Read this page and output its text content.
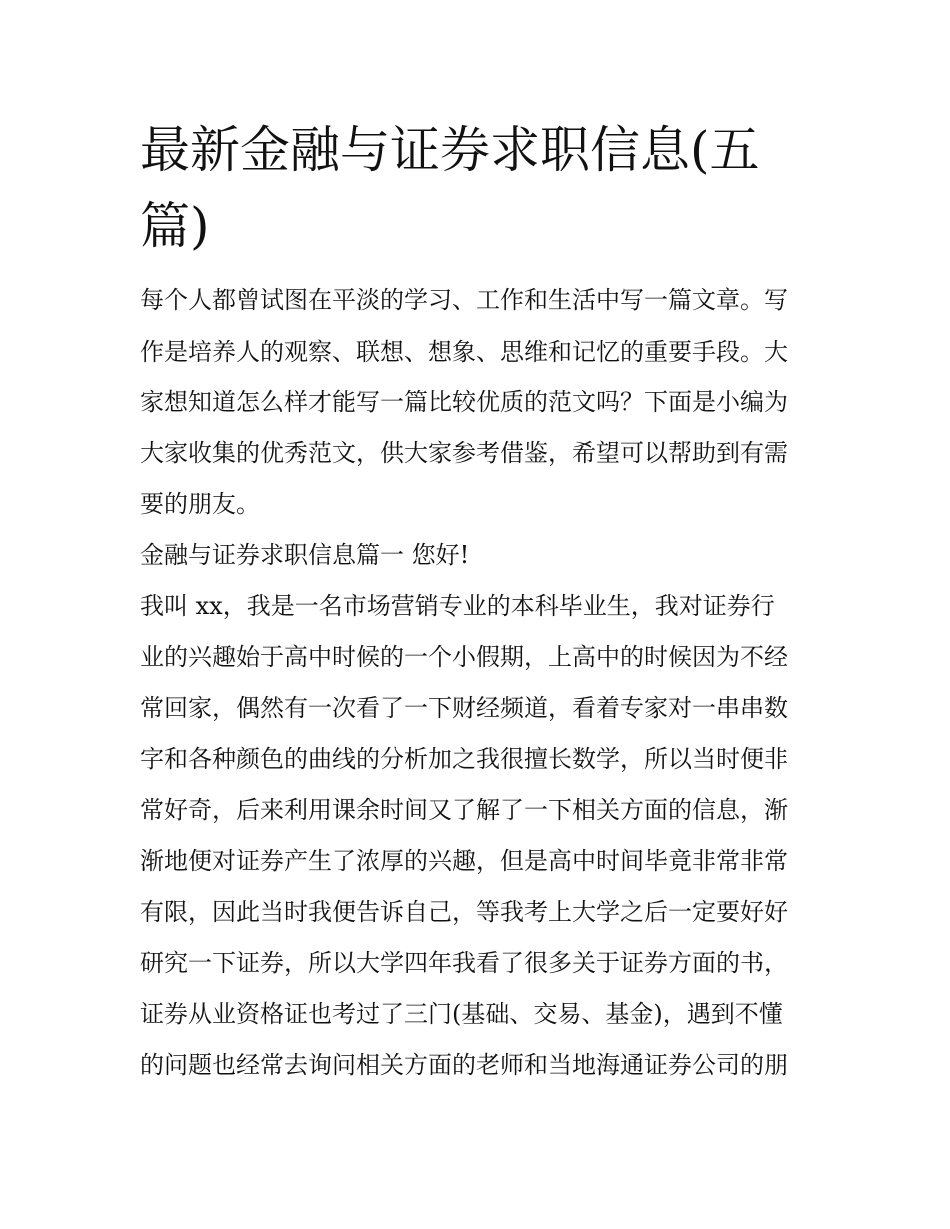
最新金融与证券求职信息(五篇)

每个人都曾试图在平淡的学习、工作和生活中写一篇文章。写

作是培养人的观察、联想、想象、思维和记忆的重要手段。大

家想知道怎么样才能写一篇比较优质的范文吗？下面是小编为

大家收集的优秀范文，供大家参考借鉴，希望可以帮助到有需

要的朋友。

金融与证券求职信息篇一 您好!

我叫 xx，我是一名市场营销专业的本科毕业生，我对证券行

业的兴趣始于高中时候的一个小假期，上高中的时候因为不经

常回家，偶然有一次看了一下财经频道，看着专家对一串串数

字和各种颜色的曲线的分析加之我很擅长数学，所以当时便非

常好奇，后来利用课余时间又了解了一下相关方面的信息，渐

渐地便对证券产生了浓厚的兴趣，但是高中时间毕竟非常非常

有限，因此当时我便告诉自己，等我考上大学之后一定要好好

研究一下证券，所以大学四年我看了很多关于证券方面的书，

证券从业资格证也考过了三门(基础、交易、基金)，遇到不懂

的问题也经常去询问相关方面的老师和当地海通证券公司的朋
